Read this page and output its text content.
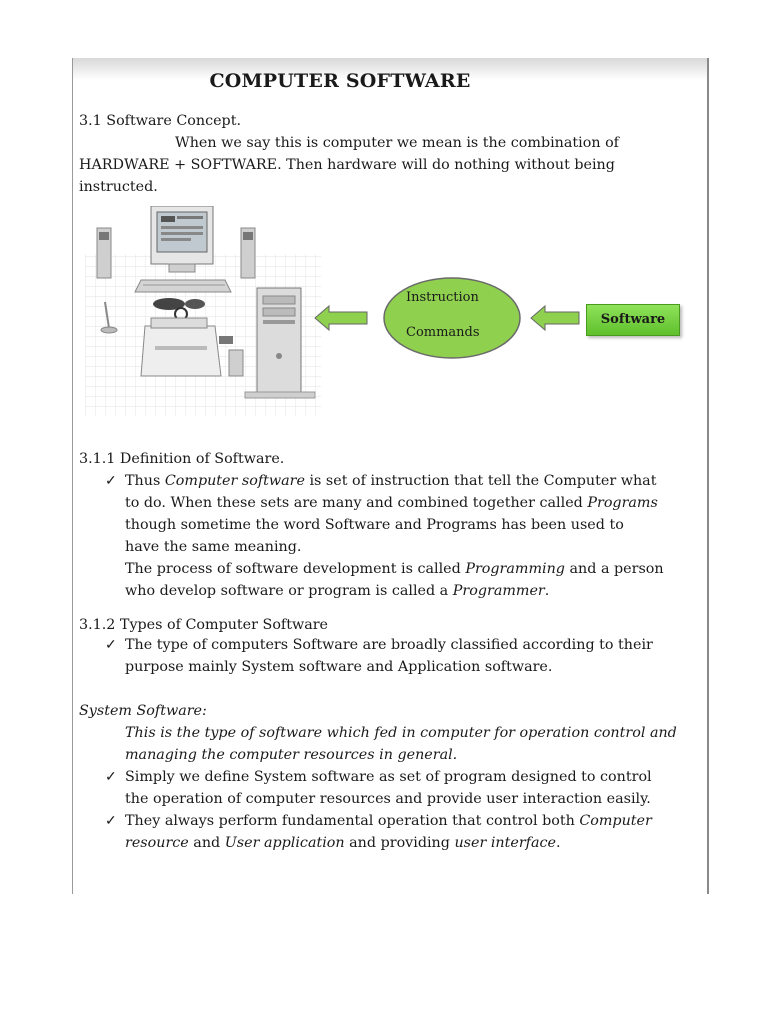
COMPUTER SOFTWARE
3.1 Software Concept.
When we say this is computer we mean is the combination of
HARDWARE + SOFTWARE. Then hardware will do nothing without being
instructed.
Instruction
Commands
Software
3.1.1 Definition of Software.
✓ Thus Computer software is set of instruction that tell the Computer what
to do. When these sets are many and combined together called Programs
though sometime the word Software and Programs has been used to
have the same meaning.
The process of software development is called Programming and a person
who develop software or program is called a Programmer.
3.1.2 Types of Computer Software
✓ The type of computers Software are broadly classified according to their
purpose mainly System software and Application software.
System Software:
This is the type of software which fed in computer for operation control and
managing the computer resources in general.
✓ Simply we define System software as set of program designed to control
the operation of computer resources and provide user interaction easily.
✓ They always perform fundamental operation that control both Computer
resource and User application and providing user interface.
